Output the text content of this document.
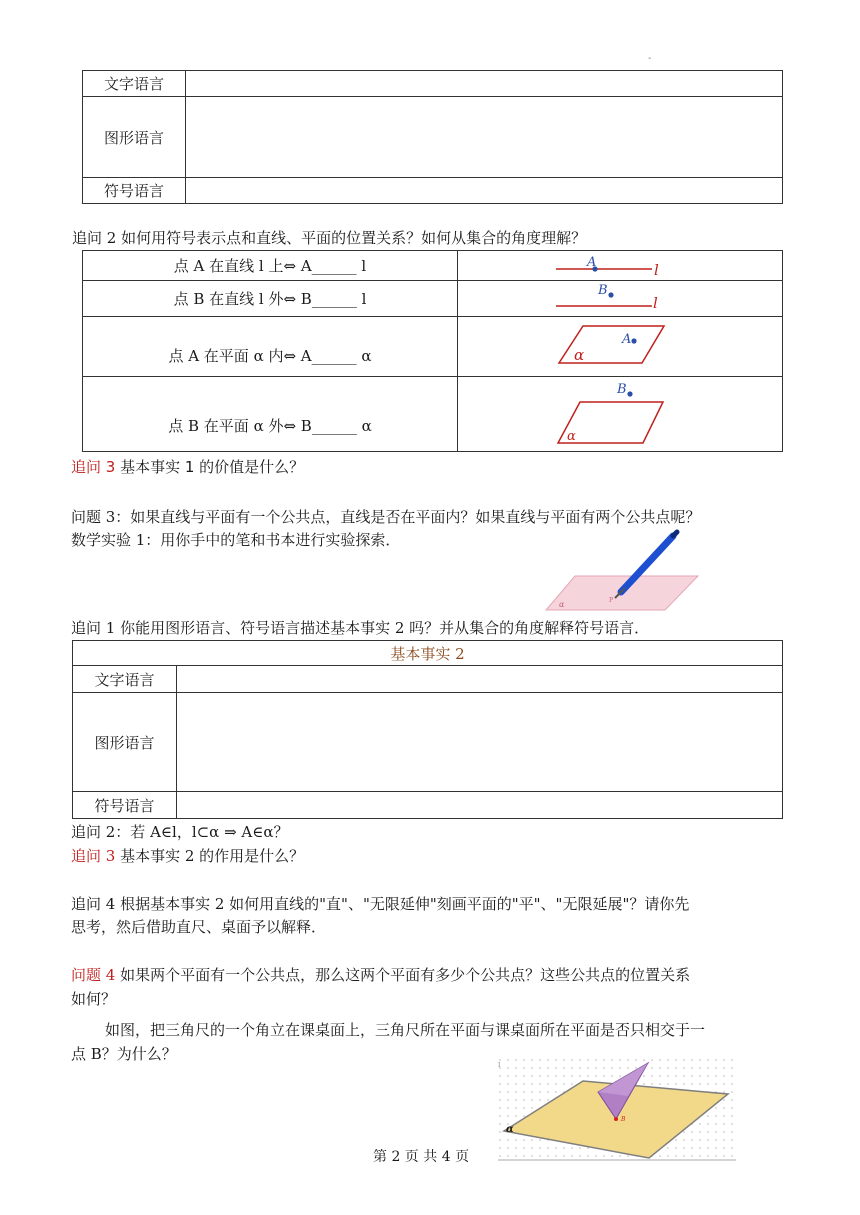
-
文字语言	
图形语言	
符号语言	
追问 2 如何用符号表示点和直线、平面的位置关系？如何从集合的角度理解？
点 A 在直线 l 上⇔ A______ l	
点 B 在直线 l 外⇔ B______ l	
点 A 在平面 α 内⇔ A______ α	
点 B 在平面 α 外⇔ B______ α	
A	l
B
l
A
α
B
α
追问 3 基本事实 1 的价值是什么？
问题 3：如果直线与平面有一个公共点，直线是否在平面内？如果直线与平面有两个公共点呢？
数学实验 1：用你手中的笔和书本进行实验探索．
α	P
追问 1 你能用图形语言、符号语言描述基本事实 2 吗？并从集合的角度解释符号语言．
基本事实 2	
文字语言	
图形语言	
符号语言	
追问 2：若 A∈l，l⊂α ⇒ A∈α？
追问 3 基本事实 2 的作用是什么？
追问 4 根据基本事实 2 如何用直线的"直"、"无限延伸"刻画平面的"平"、"无限延展"？请你先
思考，然后借助直尺、桌面予以解释．
问题 4 如果两个平面有一个公共点，那么这两个平面有多少个公共点？这些公共点的位置关系
如何？
如图，把三角尺的一个角立在课桌面上，三角尺所在平面与课桌面所在平面是否只相交于一
点 B？为什么？
I
B
α
第 2 页 共 4 页
